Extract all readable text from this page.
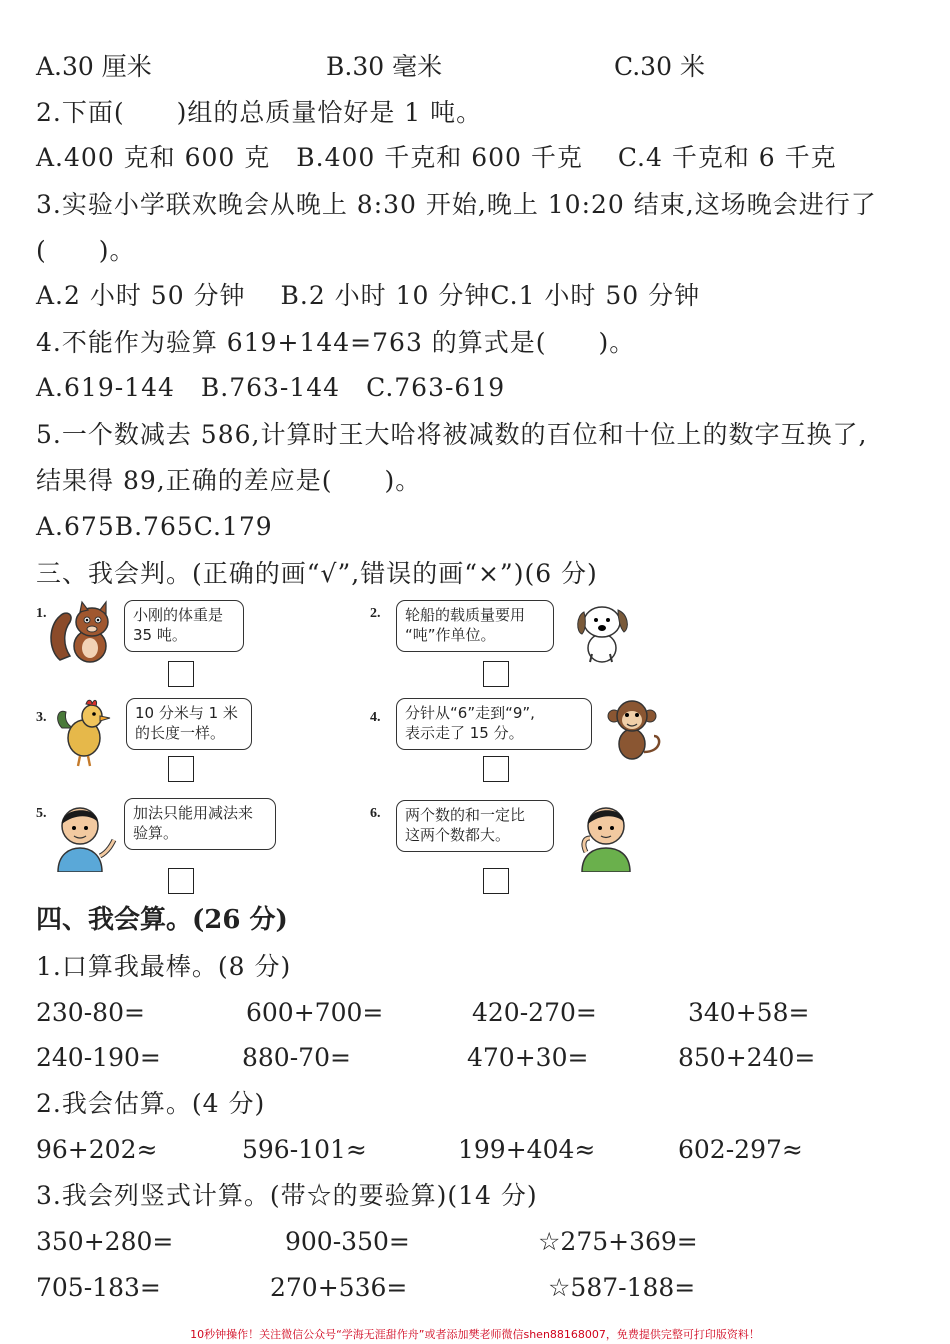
A.30 厘米	B.30 毫米	C.30 米
2.下面(　　)组的总质量恰好是 1 吨。
A.400 克和 600 克　B.400 千克和 600 千克　 C.4 千克和 6 千克
3.实验小学联欢晚会从晚上 8:30 开始,晚上 10:20 结束,这场晚会进行了
(　　)。
A.2 小时 50 分钟　 B.2 小时 10 分钟C.1 小时 50 分钟
4.不能作为验算 619+144=763 的算式是(　　)。
A.619-144　B.763-144　C.763-619
5.一个数减去 586,计算时王大哈将被减数的百位和十位上的数字互换了,
结果得 89,正确的差应是(　　)。
A.675B.765C.179
三、我会判。(正确的画“√”,错误的画“×”)(6 分)
1.	小刚的体重是
35 吨。
2. 轮船的载质量要用
“吨”作单位。
3.	10 分米与 1 米
的长度一样。
4. 分针从“6”走到“9”,
表示走了 15 分。
5.	加法只能用减法来
验算。
6. 两个数的和一定比
这两个数都大。
四、我会算。(26 分)
1.口算我最棒。(8 分)
230-80=	600+700=	420-270=	340+58=
240-190=	880-70=	470+30=	850+240=
2.我会估算。(4 分)
96+202≈	596-101≈	199+404≈	602-297≈
3.我会列竖式计算。(带☆的要验算)(14 分)
350+280=	900-350=	☆275+369=
705-183=	270+536=	☆587-188=
10秒钟操作！关注微信公众号“学海无涯甜作舟”或者添加樊老师微信shen88168007，免费提供完整可打印版资料！
